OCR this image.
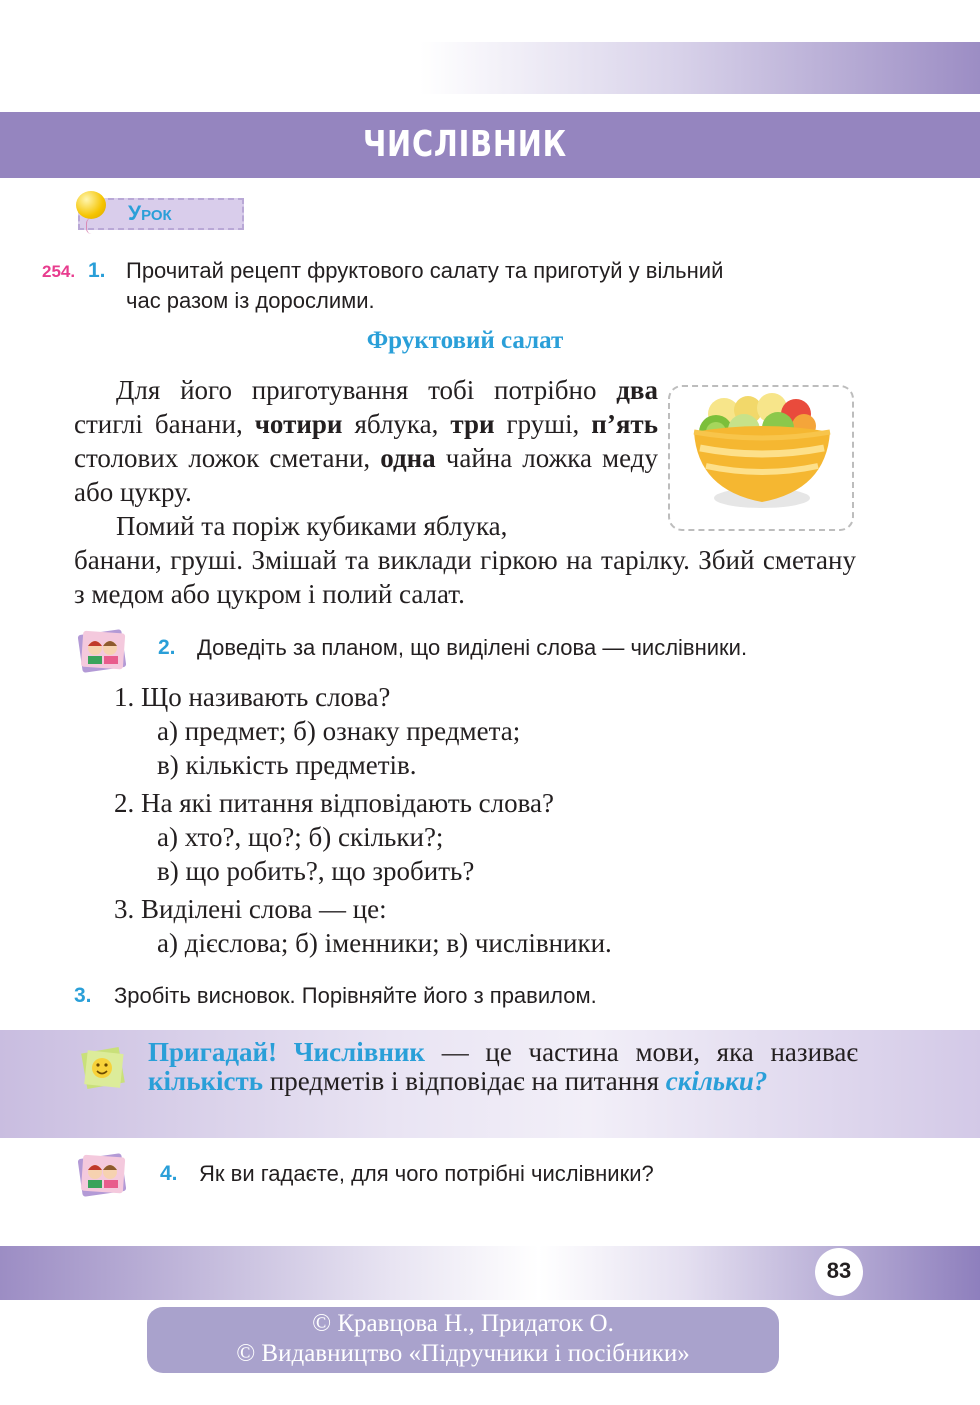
ЧИСЛІВНИК
Урок
254. 1. Прочитай рецепт фруктового салату та приготуй у вільний
час разом із дорослими.
Фруктовий салат

Для його приготування тобі потрібно два стиглі банани, чотири яблука, три груші, п’ять столових ложок сметани, одна чайна ложка меду або цукру.

Помий та поріж кубиками яблука,

банани, груші. Змішай та виклади гіркою на тарілку. Збий сметану з медом або цукром і полий салат.
2. Доведіть за планом, що виділені слова — числівники.

1. Що називають слова?

а) предмет; б) ознаку предмета;

в) кількість предметів.

2. На які питання відповідають слова?

а) хто?, що?; б) скільки?;

в) що робить?, що зробить?

3. Виділені слова — це:

а) дієслова; б) іменники; в) числівники.

3. Зробіть висновок. Порівняйте його з правилом.
Пригадай! Числівник — це частина мови, яка називає кількість предметів і відповідає на питання скільки?
4. Як ви гадаєте, для чого потрібні числівники?
83
© Кравцова Н., Придаток О.
© Видавництво «Підручники і посібники»
